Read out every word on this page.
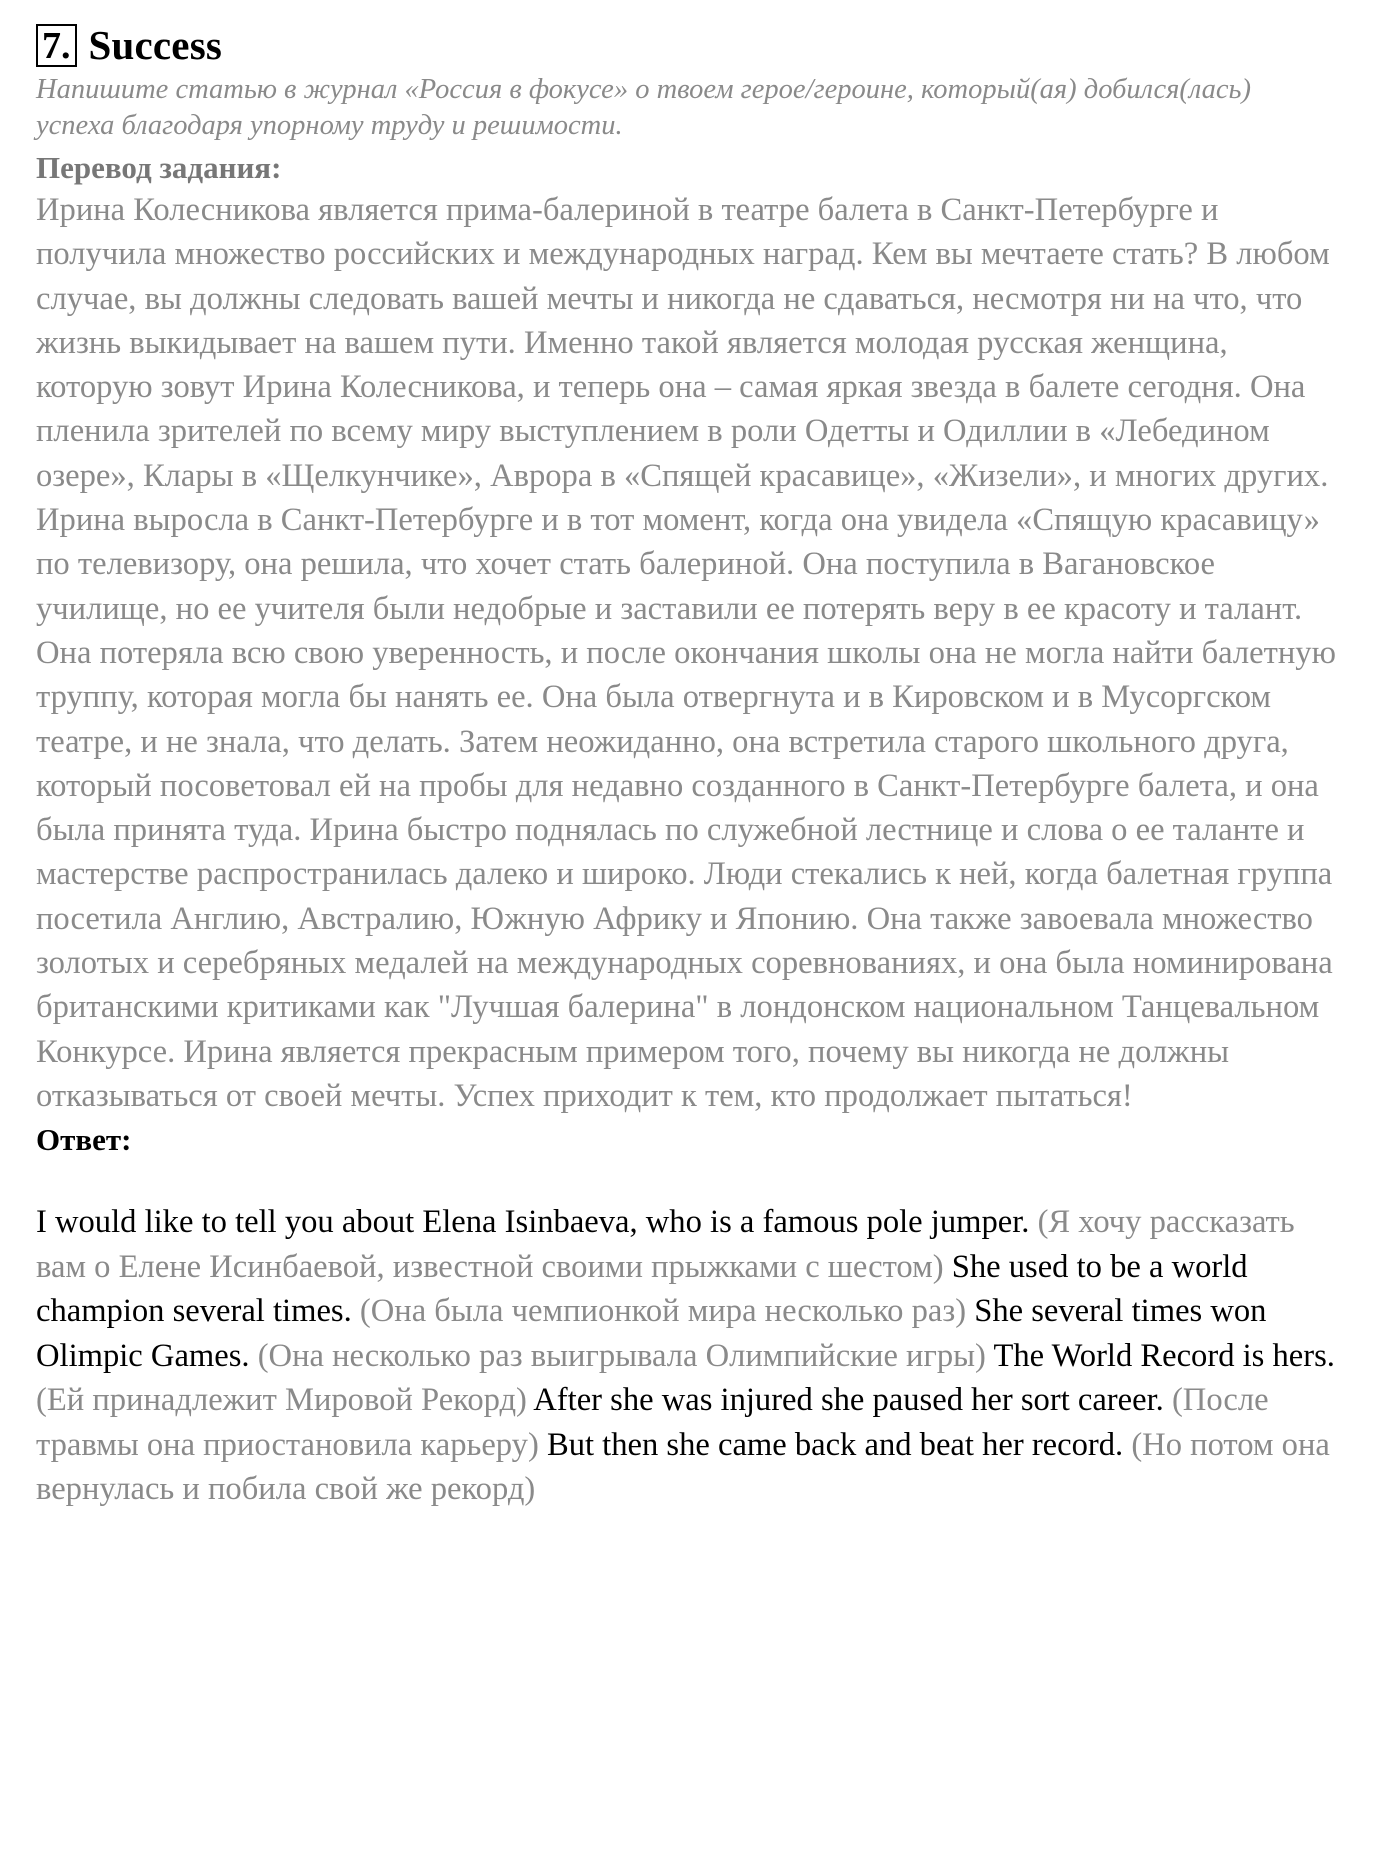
7. Success
Напишите статью в журнал «Россия в фокусе» о твоем герое/героине, который(ая) добился(лась) успеха благодаря упорному труду и решимости.
Перевод задания:

Ирина Колесникова является прима-балериной в театре балета в Санкт-Петербурге и получила множество российских и международных наград. Кем вы мечтаете стать? В любом случае, вы должны следовать вашей мечты и никогда не сдаваться, несмотря ни на что, что жизнь выкидывает на вашем пути. Именно такой является молодая русская женщина, которую зовут Ирина Колесникова, и теперь она – самая яркая звезда в балете сегодня. Она пленила зрителей по всему миру выступлением в роли Одетты и Одиллии в «Лебедином озере», Клары в «Щелкунчике», Аврора в «Спящей красавице», «Жизели», и многих других.

Ирина выросла в Санкт-Петербурге и в тот момент, когда она увидела «Спящую красавицу» по телевизору, она решила, что хочет стать балериной. Она поступила в Вагановское училище, но ее учителя были недобрые и заставили ее потерять веру в ее красоту и талант. Она потеряла всю свою уверенность, и после окончания школы она не могла найти балетную труппу, которая могла бы нанять ее. Она была отвергнута и в Кировском и в Мусоргском театре, и не знала, что делать. Затем неожиданно, она встретила старого школьного друга, который посоветовал ей на пробы для недавно созданного в Санкт-Петербурге балета, и она была принята туда. Ирина быстро поднялась по служебной лестнице и слова о ее таланте и мастерстве распространилась далеко и широко. Люди стекались к ней, когда балетная группа посетила Англию, Австралию, Южную Африку и Японию. Она также завоевала множество золотых и серебряных медалей на международных соревнованиях, и она была номинирована британскими критиками как "Лучшая балерина" в лондонском национальном Танцевальном Конкурсе. Ирина является прекрасным примером того, почему вы никогда не должны отказываться от своей мечты. Успех приходит к тем, кто продолжает пытаться!

Ответ:
I would like to tell you about Elena Isinbaeva, who is a famous pole jumper. (Я хочу рассказать вам о Елене Исинбаевой, известной своими прыжками с шестом) She used to be a world champion several times. (Она была чемпионкой мира несколько раз) She several times won Olimpic Games. (Она несколько раз выигрывала Олимпийские игры) The World Record is hers. (Ей принадлежит Мировой Рекорд) After she was injured she paused her sort career. (После травмы она приостановила карьеру) But then she came back and beat her record. (Но потом она вернулась и побила свой же рекорд)
